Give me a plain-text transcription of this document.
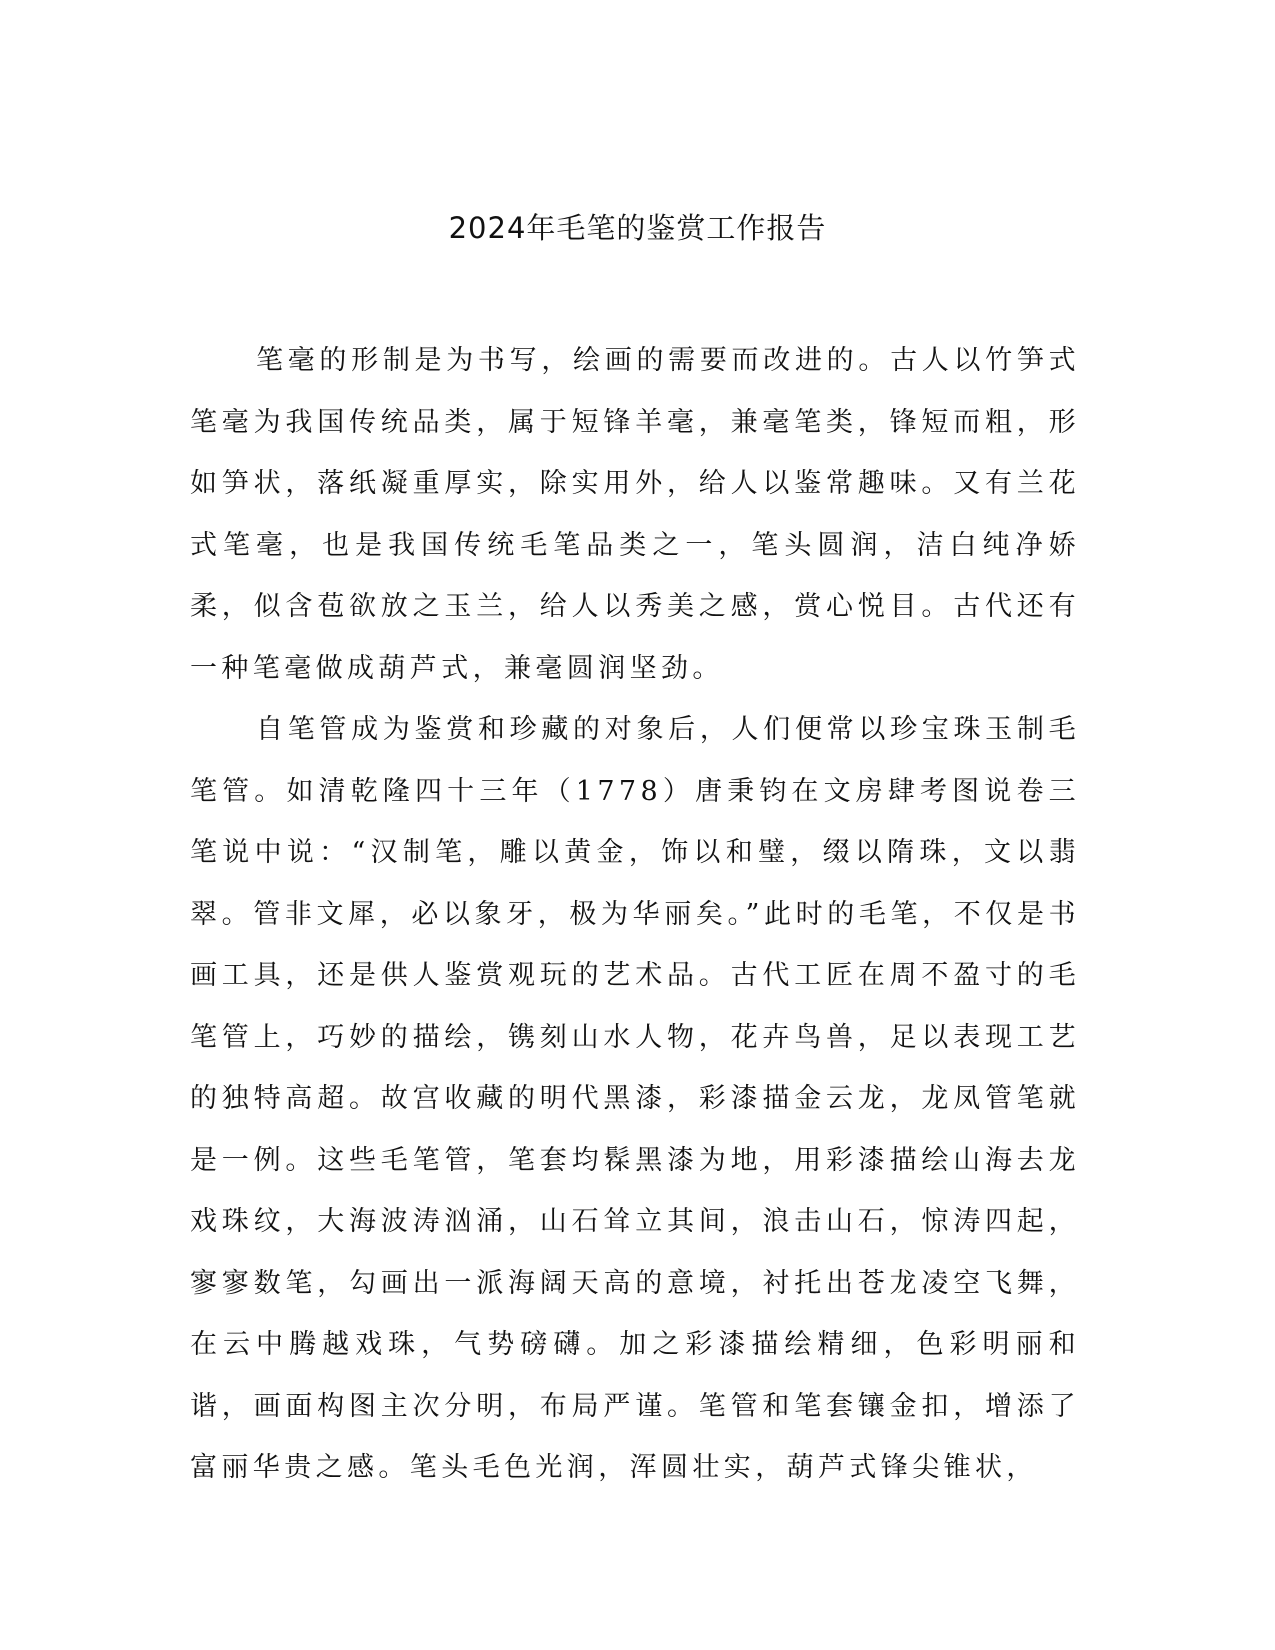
2024年毛笔的鉴赏工作报告

笔毫的形制是为书写，绘画的需要而改进的。古人以竹笋式笔毫为我国传统品类，属于短锋羊毫，兼毫笔类，锋短而粗，形如笋状，落纸凝重厚实，除实用外，给人以鉴常趣味。又有兰花式笔毫，也是我国传统毛笔品类之一，笔头圆润，洁白纯净娇柔，似含苞欲放之玉兰，给人以秀美之感，赏心悦目。古代还有一种笔毫做成葫芦式，兼毫圆润坚劲。

自笔管成为鉴赏和珍藏的对象后，人们便常以珍宝珠玉制毛笔管。如清乾隆四十三年（1778）唐秉钧在文房肆考图说卷三笔说中说：“汉制笔，雕以黄金，饰以和璧，缀以隋珠，文以翡翠。管非文犀，必以象牙，极为华丽矣。”此时的毛笔，不仅是书画工具，还是供人鉴赏观玩的艺术品。古代工匠在周不盈寸的毛笔管上，巧妙的描绘，镌刻山水人物，花卉鸟兽，足以表现工艺的独特高超。故宫收藏的明代黑漆，彩漆描金云龙，龙凤管笔就是一例。这些毛笔管，笔套均髹黑漆为地，用彩漆描绘山海去龙戏珠纹，大海波涛汹涌，山石耸立其间，浪击山石，惊涛四起，寥寥数笔，勾画出一派海阔天高的意境，衬托出苍龙凌空飞舞，在云中腾越戏珠，气势磅礴。加之彩漆描绘精细，色彩明丽和谐，画面构图主次分明，布局严谨。笔管和笔套镶金扣，增添了富丽华贵之感。笔头毛色光润，浑圆壮实，葫芦式锋尖锥状，
